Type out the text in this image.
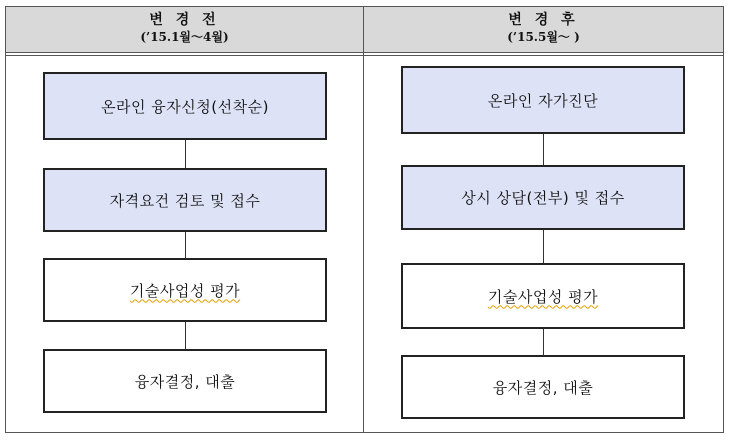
변 경 전
(’15.1월～4월)
변 경 후
(’15.5월～ )
온라인 융자신청(선착순)
자격요건 검토 및 접수
기술사업성 평가
융자결정, 대출
온라인 자가진단
상시 상담(전부) 및 접수
기술사업성 평가
융자결정, 대출
